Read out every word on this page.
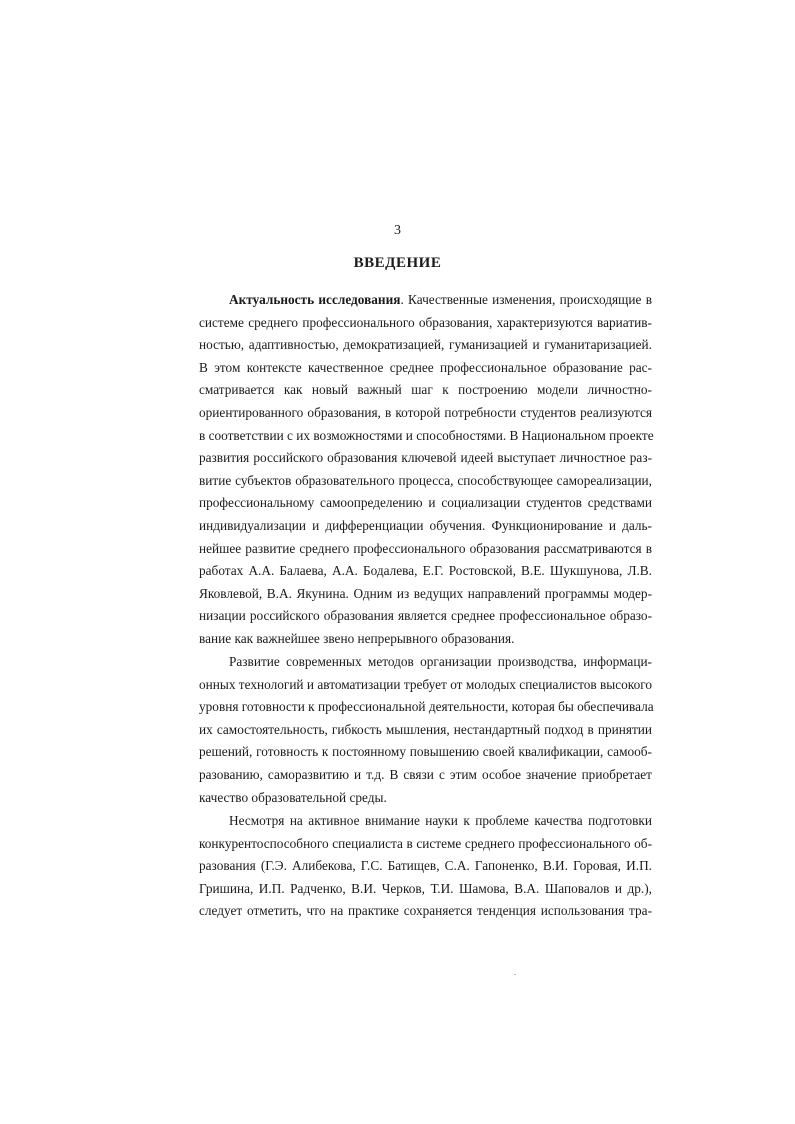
3
ВВЕДЕНИЕ
Актуальность исследования. Качественные изменения, происходящие в
системе среднего профессионального образования, характеризуются вариатив-
ностью, адаптивностью, демократизацией, гуманизацией и гуманитаризацией.
В этом контексте качественное среднее профессиональное образование рас-
сматривается как новый важный шаг к построению модели личностно-
ориентированного образования, в которой потребности студентов реализуются
в соответствии с их возможностями и способностями. В Национальном проекте
развития российского образования ключевой идеей выступает личностное раз-
витие субъектов образовательного процесса, способствующее самореализации,
профессиональному самоопределению и социализации студентов средствами
индивидуализации и дифференциации обучения. Функционирование и даль-
нейшее развитие среднего профессионального образования рассматриваются в
работах А.А. Балаева, А.А. Бодалева, Е.Г. Ростовской, В.Е. Шукшунова, Л.В.
Яковлевой, В.А. Якунина. Одним из ведущих направлений программы модер-
низации российского образования является среднее профессиональное образо-
вание как важнейшее звено непрерывного образования.
Развитие современных методов организации производства, информаци-
онных технологий и автоматизации требует от молодых специалистов высокого
уровня готовности к профессиональной деятельности, которая бы обеспечивала
их самостоятельность, гибкость мышления, нестандартный подход в принятии
решений, готовность к постоянному повышению своей квалификации, самооб-
разованию, саморазвитию и т.д. В связи с этим особое значение приобретает
качество образовательной среды.
Несмотря на активное внимание науки к проблеме качества подготовки
конкурентоспособного специалиста в системе среднего профессионального об-
разования (Г.Э. Алибекова, Г.С. Батищев, С.А. Гапоненко, В.И. Горовая, И.П.
Гришина, И.П. Радченко, В.И. Черков, Т.И. Шамова, В.А. Шаповалов и др.),
следует отметить, что на практике сохраняется тенденция использования тра-
